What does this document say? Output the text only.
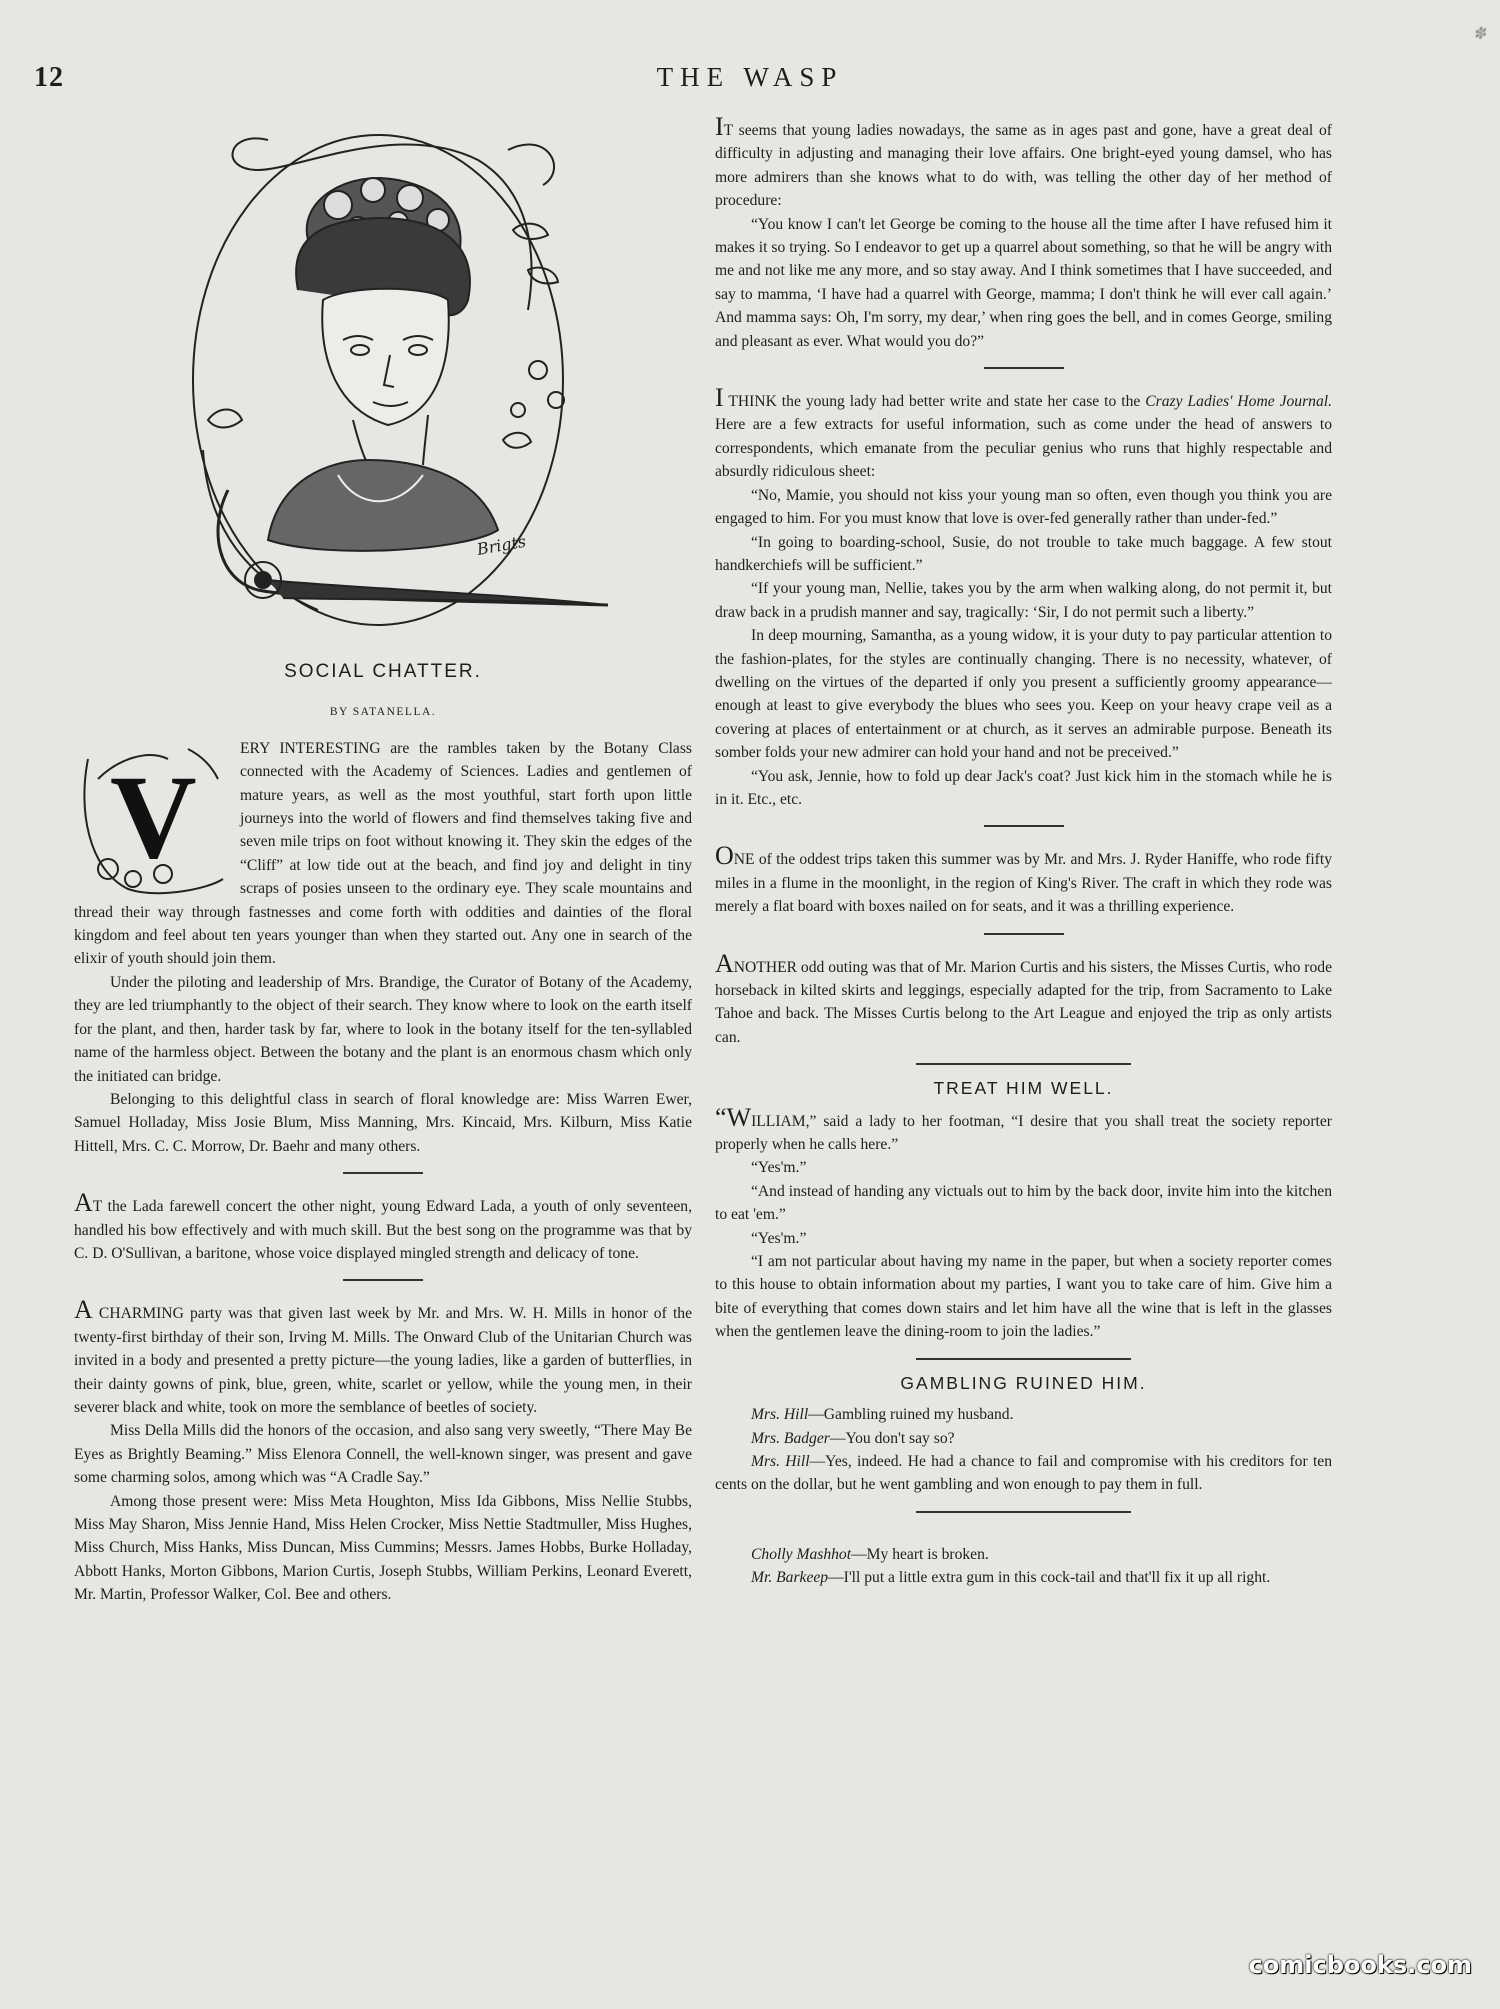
12	THE WASP
✽
Brigts
SOCIAL CHATTER.
BY SATANELLA.

V
ERY INTERESTING are the rambles taken by the Botany Class connected with the Academy of Sciences. Ladies and gentlemen of mature years, as well as the most youthful, start forth upon little journeys into the world of flowers and find themselves taking five and seven mile trips on foot without knowing it. They skin the edges of the “Cliff” at low tide out at the beach, and find joy and delight in tiny scraps of posies unseen to the ordinary eye. They scale mountains and thread their way through fastnesses and come forth with oddities and dainties of the floral kingdom and feel about ten years younger than when they started out. Any one in search of the elixir of youth should join them.

Under the piloting and leadership of Mrs. Brandige, the Curator of Botany of the Academy, they are led triumphantly to the object of their search. They know where to look on the earth itself for the plant, and then, harder task by far, where to look in the botany itself for the ten-syllabled name of the harmless object. Between the botany and the plant is an enormous chasm which only the initiated can bridge.

Belonging to this delightful class in search of floral knowledge are: Miss Warren Ewer, Samuel Holladay, Miss Josie Blum, Miss Manning, Mrs. Kincaid, Mrs. Kilburn, Miss Katie Hittell, Mrs. C. C. Morrow, Dr. Baehr and many others.

AT the Lada farewell concert the other night, young Edward Lada, a youth of only seventeen, handled his bow effectively and with much skill. But the best song on the programme was that by C. D. O'Sullivan, a baritone, whose voice displayed mingled strength and delicacy of tone.

A CHARMING party was that given last week by Mr. and Mrs. W. H. Mills in honor of the twenty-first birthday of their son, Irving M. Mills. The Onward Club of the Unitarian Church was invited in a body and presented a pretty picture—the young ladies, like a garden of butterflies, in their dainty gowns of pink, blue, green, white, scarlet or yellow, while the young men, in their severer black and white, took on more the semblance of beetles of society.

Miss Della Mills did the honors of the occasion, and also sang very sweetly, “There May Be Eyes as Brightly Beaming.” Miss Elenora Connell, the well-known singer, was present and gave some charming solos, among which was “A Cradle Say.”

Among those present were: Miss Meta Houghton, Miss Ida Gibbons, Miss Nellie Stubbs, Miss May Sharon, Miss Jennie Hand, Miss Helen Crocker, Miss Nettie Stadtmuller, Miss Hughes, Miss Church, Miss Hanks, Miss Duncan, Miss Cummins; Messrs. James Hobbs, Burke Holladay, Abbott Hanks, Morton Gibbons, Marion Curtis, Joseph Stubbs, William Perkins, Leonard Everett, Mr. Martin, Professor Walker, Col. Bee and others.

IT seems that young ladies nowadays, the same as in ages past and gone, have a great deal of difficulty in adjusting and managing their love affairs. One bright-eyed young damsel, who has more admirers than she knows what to do with, was telling the other day of her method of procedure:

“You know I can't let George be coming to the house all the time after I have refused him it makes it so trying. So I endeavor to get up a quarrel about something, so that he will be angry with me and not like me any more, and so stay away. And I think sometimes that I have succeeded, and say to mamma, ‘I have had a quarrel with George, mamma; I don't think he will ever call again.’ And mamma says: Oh, I'm sorry, my dear,’ when ring goes the bell, and in comes George, smiling and pleasant as ever. What would you do?”

I THINK the young lady had better write and state her case to the Crazy Ladies' Home Journal. Here are a few extracts for useful information, such as come under the head of answers to correspondents, which emanate from the peculiar genius who runs that highly respectable and absurdly ridiculous sheet:

“No, Mamie, you should not kiss your young man so often, even though you think you are engaged to him. For you must know that love is over-fed generally rather than under-fed.”

“In going to boarding-school, Susie, do not trouble to take much baggage. A few stout handkerchiefs will be sufficient.”

“If your young man, Nellie, takes you by the arm when walking along, do not permit it, but draw back in a prudish manner and say, tragically: ‘Sir, I do not permit such a liberty.”

In deep mourning, Samantha, as a young widow, it is your duty to pay particular attention to the fashion-plates, for the styles are continually changing. There is no necessity, whatever, of dwelling on the virtues of the departed if only you present a sufficiently groomy appearance—enough at least to give everybody the blues who sees you. Keep on your heavy crape veil as a covering at places of entertainment or at church, as it serves an admirable purpose. Beneath its somber folds your new admirer can hold your hand and not be preceived.”

“You ask, Jennie, how to fold up dear Jack's coat? Just kick him in the stomach while he is in it. Etc., etc.

ONE of the oddest trips taken this summer was by Mr. and Mrs. J. Ryder Haniffe, who rode fifty miles in a flume in the moonlight, in the region of King's River. The craft in which they rode was merely a flat board with boxes nailed on for seats, and it was a thrilling experience.

ANOTHER odd outing was that of Mr. Marion Curtis and his sisters, the Misses Curtis, who rode horseback in kilted skirts and leggings, especially adapted for the trip, from Sacramento to Lake Tahoe and back. The Misses Curtis belong to the Art League and enjoyed the trip as only artists can.

TREAT HIM WELL.

“WILLIAM,” said a lady to her footman, “I desire that you shall treat the society reporter properly when he calls here.”

“Yes'm.”

“And instead of handing any victuals out to him by the back door, invite him into the kitchen to eat 'em.”

“Yes'm.”

“I am not particular about having my name in the paper, but when a society reporter comes to this house to obtain information about my parties, I want you to take care of him. Give him a bite of everything that comes down stairs and let him have all the wine that is left in the glasses when the gentlemen leave the dining-room to join the ladies.”

GAMBLING RUINED HIM.

Mrs. Hill—Gambling ruined my husband.

Mrs. Badger—You don't say so?

Mrs. Hill—Yes, indeed. He had a chance to fail and compromise with his creditors for ten cents on the dollar, but he went gambling and won enough to pay them in full.

Cholly Mashhot—My heart is broken.

Mr. Barkeep—I'll put a little extra gum in this cock-tail and that'll fix it up all right.

comicbooks.com
